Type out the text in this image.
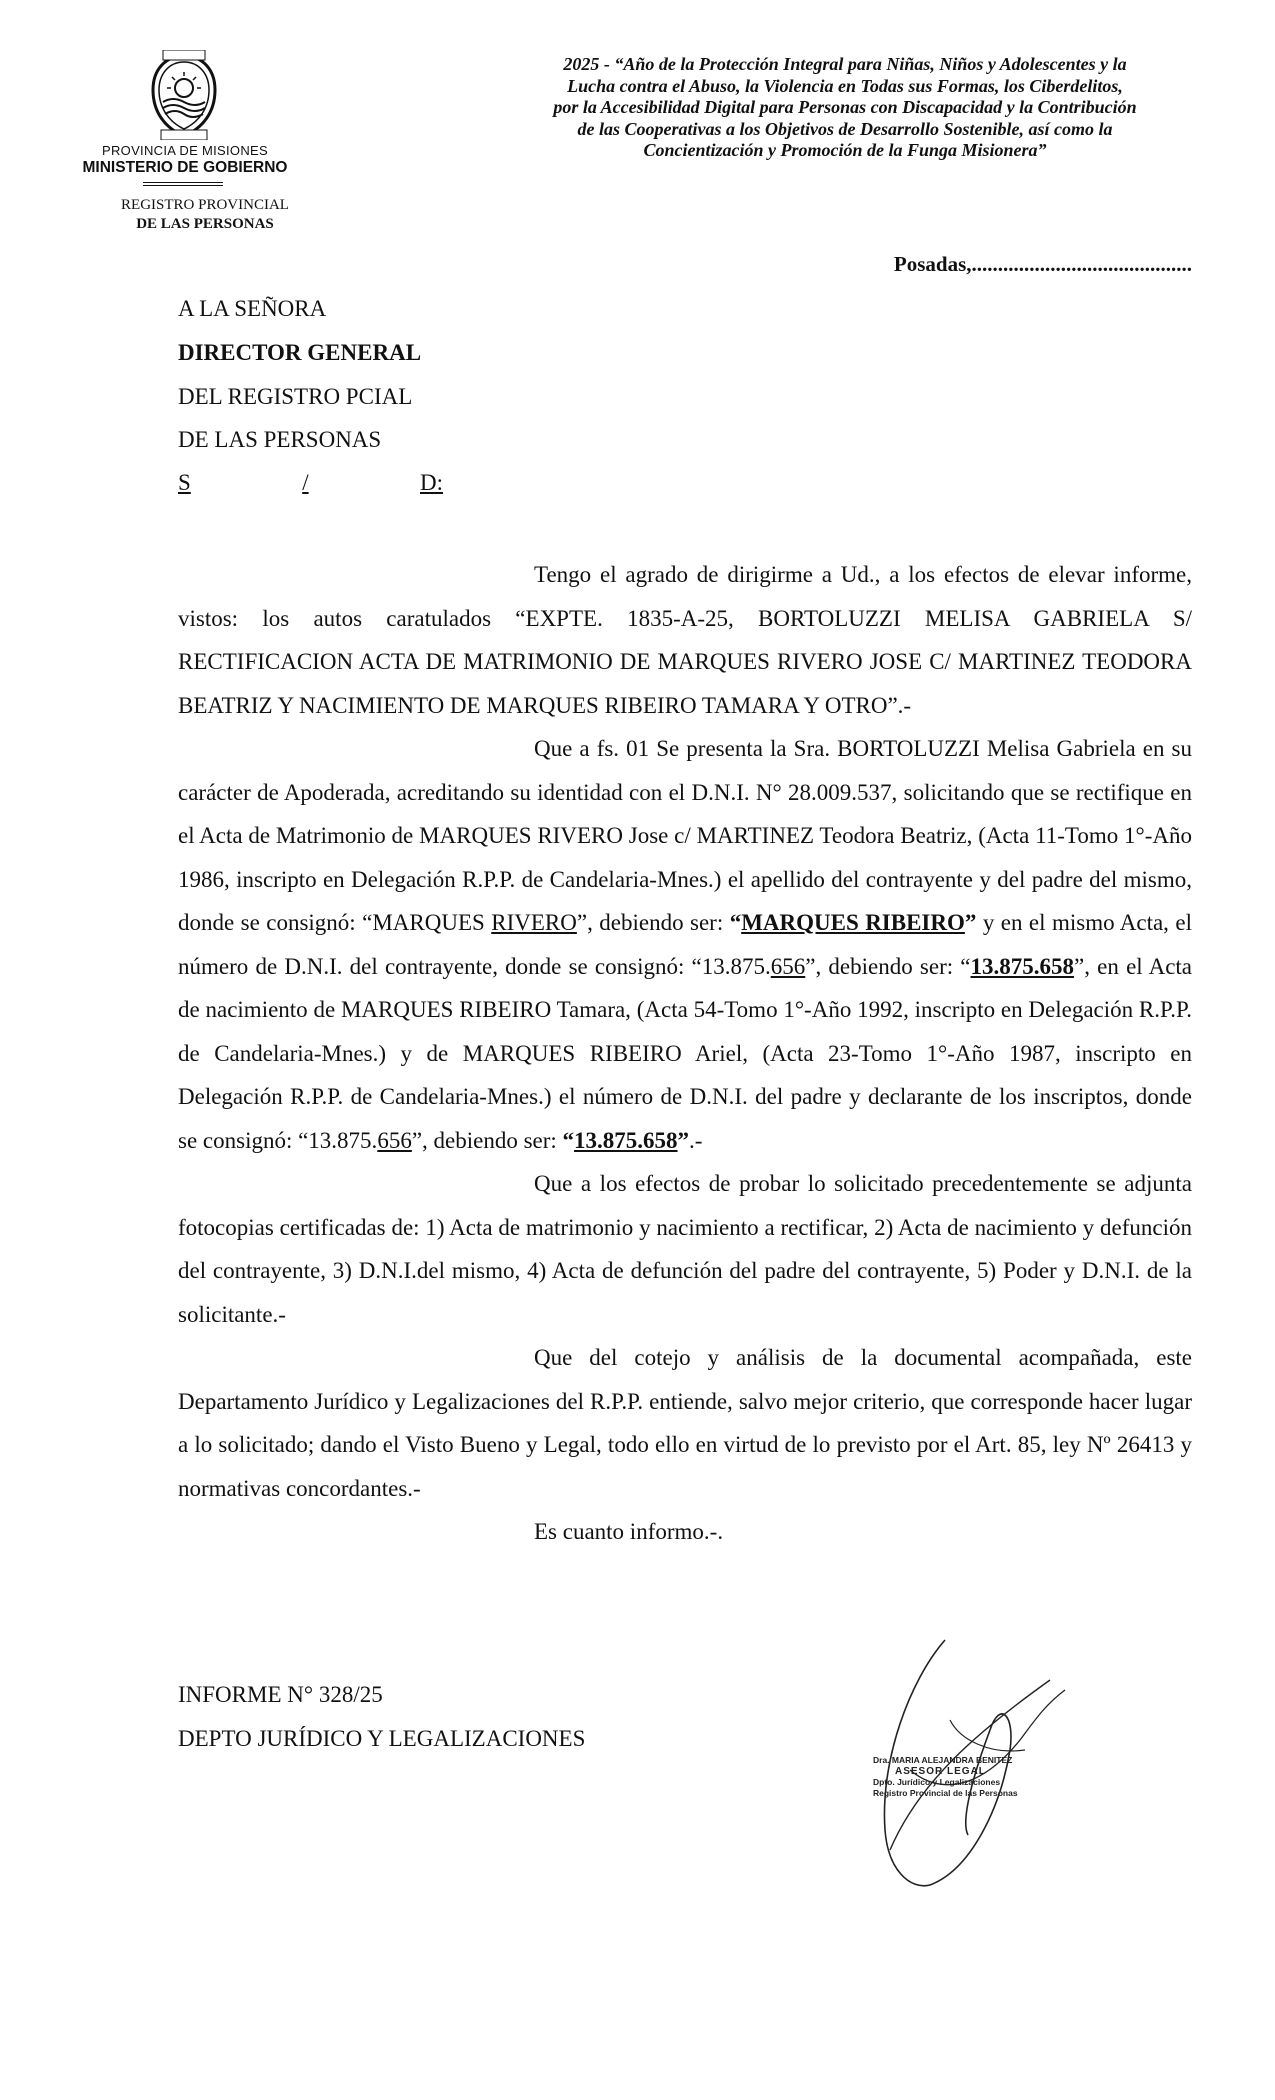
PROVINCIA DE MISIONES
MINISTERIO DE GOBIERNO
REGISTRO PROVINCIAL
DE LAS PERSONAS
2025 - “Año de la Protección Integral para Niñas, Niños y Adolescentes y la
Lucha contra el Abuso, la Violencia en Todas sus Formas, los Ciberdelitos,
por la Accesibilidad Digital para Personas con Discapacidad y la Contribución
de las Cooperativas a los Objetivos de Desarrollo Sostenible, así como la
Concientización y Promoción de la Funga Misionera”
Posadas,..........................................
A LA SEÑORA
DIRECTOR GENERAL
DEL REGISTRO PCIAL
DE LAS PERSONAS
S	/	D:

Tengo el agrado de dirigirme a Ud., a los efectos de elevar informe, vistos: los autos caratulados “EXPTE. 1835-A-25, BORTOLUZZI MELISA GABRIELA S/ RECTIFICACION ACTA DE MATRIMONIO DE MARQUES RIVERO JOSE C/ MARTINEZ TEODORA BEATRIZ Y NACIMIENTO DE MARQUES RIBEIRO TAMARA Y OTRO”.-

Que a fs. 01 Se presenta la Sra. BORTOLUZZI Melisa Gabriela en su carácter de Apoderada, acreditando su identidad con el D.N.I. N° 28.009.537, solicitando que se rectifique en el Acta de Matrimonio de MARQUES RIVERO Jose c/ MARTINEZ Teodora Beatriz, (Acta 11-Tomo 1°-Año 1986, inscripto en Delegación R.P.P. de Candelaria-Mnes.) el apellido del contrayente y del padre del mismo, donde se consignó: “MARQUES RIVERO”, debiendo ser: “MARQUES RIBEIRO” y en el mismo Acta, el número de D.N.I. del contrayente, donde se consignó: “13.875.656”, debiendo ser: “13.875.658”, en el Acta de nacimiento de MARQUES RIBEIRO Tamara, (Acta 54-Tomo 1°-Año 1992, inscripto en Delegación R.P.P. de Candelaria-Mnes.) y de MARQUES RIBEIRO Ariel, (Acta 23-Tomo 1°-Año 1987, inscripto en Delegación R.P.P. de Candelaria-Mnes.) el número de D.N.I. del padre y declarante de los inscriptos, donde se consignó: “13.875.656”, debiendo ser: “13.875.658”.-

Que a los efectos de probar lo solicitado precedentemente se adjunta fotocopias certificadas de: 1) Acta de matrimonio y nacimiento a rectificar, 2) Acta de nacimiento y defunción del contrayente, 3) D.N.I.del mismo, 4) Acta de defunción del padre del contrayente, 5) Poder y D.N.I. de la solicitante.-

Que del cotejo y análisis de la documental acompañada, este Departamento Jurídico y Legalizaciones del R.P.P. entiende, salvo mejor criterio, que corresponde hacer lugar a lo solicitado; dando el Visto Bueno y Legal, todo ello en virtud de lo previsto por el Art. 85, ley Nº 26413 y normativas concordantes.-

Es cuanto informo.-.

INFORME N° 328/25
DEPTO JURÍDICO Y LEGALIZACIONES
Dra. MARIA ALEJANDRA BENITEZ
ASESOR LEGAL
Dpto. Jurídico y Legalizaciones
Registro Provincial de las Personas
